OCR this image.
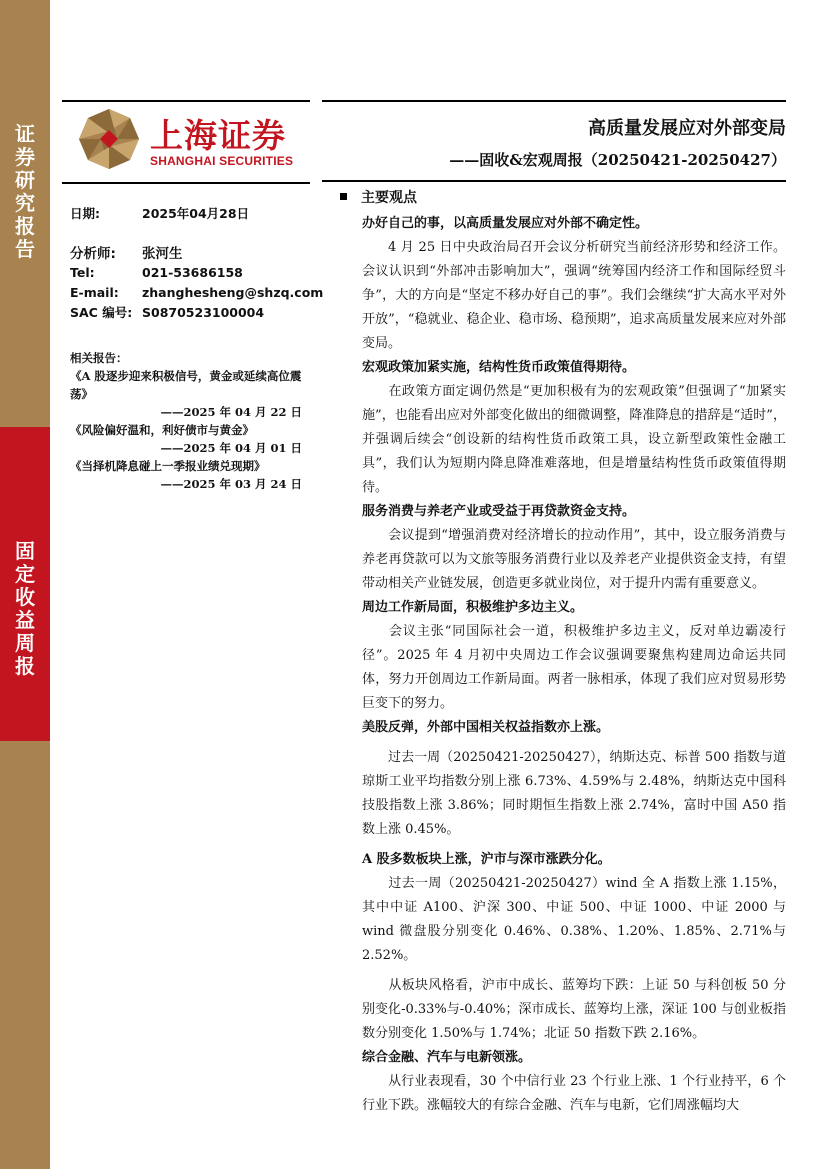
证
券
研
究
报
告
固
定
收
益
周
报
上海证券
SHANGHAI SECURITIES
高质量发展应对外部变局
——固收&宏观周报（20250421-20250427）
日期:	2025年04月28日
分析师: 张河生
Tel:	021-53686158
E-mail: zhanghesheng@shzq.com
SAC 编号: S0870523100004
相关报告：
《A 股逐步迎来积极信号，黄金或延续高位震荡》
——2025 年 04 月 22 日
《风险偏好温和，利好债市与黄金》
——2025 年 04 月 01 日
《当择机降息碰上一季报业绩兑现期》
——2025 年 03 月 24 日
主要观点
办好自己的事，以高质量发展应对外部不确定性。
4 月 25 日中央政治局召开会议分析研究当前经济形势和经济工作。会议认识到“外部冲击影响加大”，强调“统筹国内经济工作和国际经贸斗争”，大的方向是“坚定不移办好自己的事”。我们会继续“扩大高水平对外开放”，“稳就业、稳企业、稳市场、稳预期”，追求高质量发展来应对外部变局。
宏观政策加紧实施，结构性货币政策值得期待。
在政策方面定调仍然是“更加积极有为的宏观政策”但强调了“加紧实施”，也能看出应对外部变化做出的细微调整，降准降息的措辞是“适时”，并强调后续会“创设新的结构性货币政策工具，设立新型政策性金融工具”，我们认为短期内降息降准难落地，但是增量结构性货币政策值得期待。
服务消费与养老产业或受益于再贷款资金支持。
会议提到“增强消费对经济增长的拉动作用”，其中，设立服务消费与养老再贷款可以为文旅等服务消费行业以及养老产业提供资金支持，有望带动相关产业链发展，创造更多就业岗位，对于提升内需有重要意义。
周边工作新局面，积极维护多边主义。
会议主张“同国际社会一道，积极维护多边主义，反对单边霸凌行径”。2025 年 4 月初中央周边工作会议强调要聚焦构建周边命运共同体，努力开创周边工作新局面。两者一脉相承，体现了我们应对贸易形势巨变下的努力。
美股反弹，外部中国相关权益指数亦上涨。
过去一周（20250421-20250427），纳斯达克、标普 500 指数与道琼斯工业平均指数分别上涨 6.73%、4.59%与 2.48%，纳斯达克中国科技股指数上涨 3.86%；同时期恒生指数上涨 2.74%，富时中国 A50 指数上涨 0.45%。
A 股多数板块上涨，沪市与深市涨跌分化。
过去一周（20250421-20250427）wind 全 A 指数上涨 1.15%，其中中证 A100、沪深 300、中证 500、中证 1000、中证 2000 与 wind 微盘股分别变化 0.46%、0.38%、1.20%、1.85%、2.71%与 2.52%。
从板块风格看，沪市中成长、蓝筹均下跌：上证 50 与科创板 50 分别变化-0.33%与-0.40%；深市成长、蓝筹均上涨，深证 100 与创业板指数分别变化 1.50%与 1.74%；北证 50 指数下跌 2.16%。
综合金融、汽车与电新领涨。
从行业表现看，30 个中信行业 23 个行业上涨、1 个行业持平，6 个行业下跌。涨幅较大的有综合金融、汽车与电新，它们周涨幅均大
